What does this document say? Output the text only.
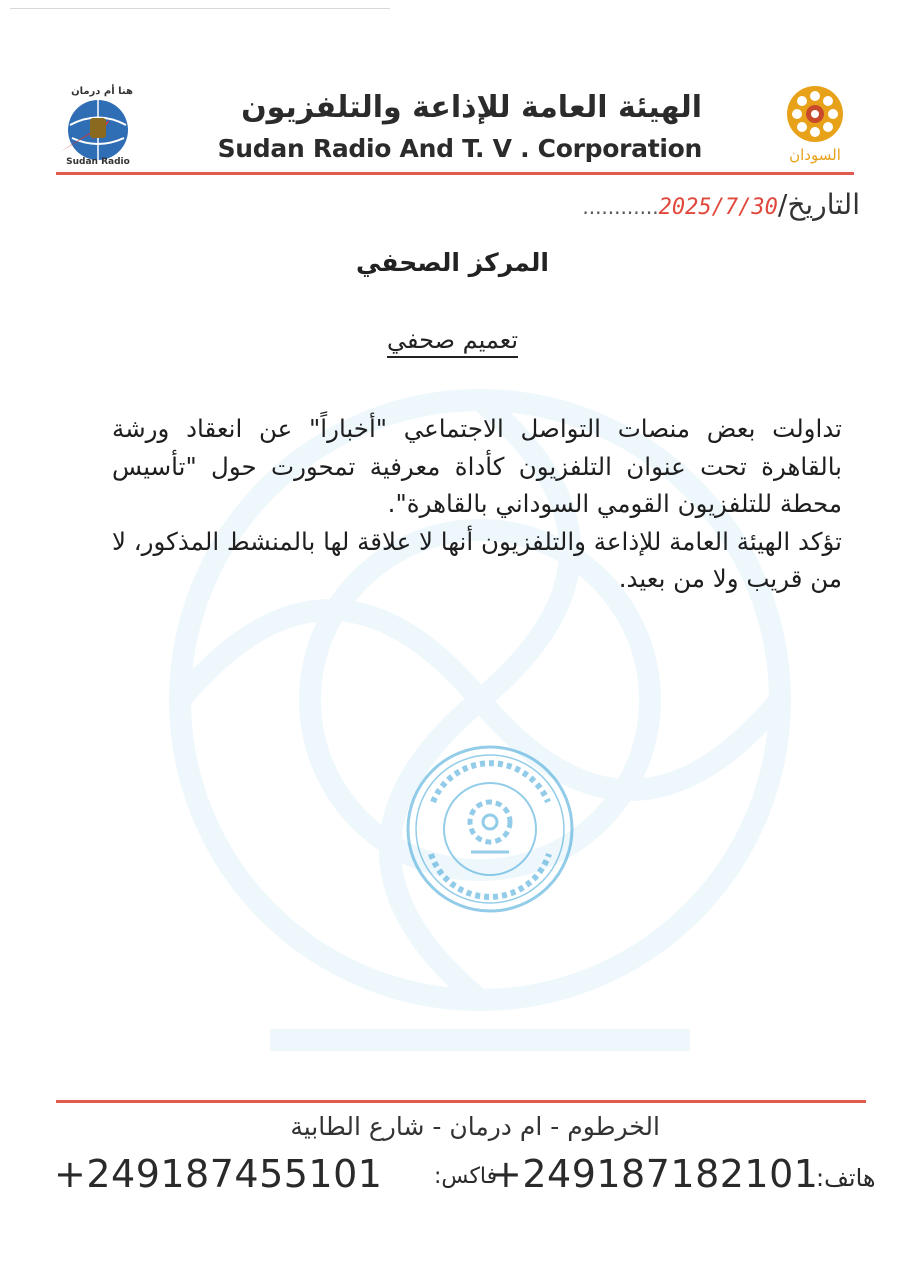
هنا أم درمان
Sudan Radio
الهيئة العامة للإذاعة والتلفزيون
Sudan Radio And T. V . Corporation	السودان
التاريخ/2025/7/30............
المركز الصحفي
تعميم صحفي

تداولت بعض منصات التواصل الاجتماعي "أخباراً" عن انعقاد ورشة بالقاهرة تحت عنوان التلفزيون كأداة معرفية تمحورت حول "تأسيس محطة للتلفزيون القومي السوداني بالقاهرة".

تؤكد الهيئة العامة للإذاعة والتلفزيون أنها لا علاقة لها بالمنشط المذكور، لا من قريب ولا من بعيد.

الخرطوم - ام درمان - شارع الطابية
+249187455101 فاكس:
+249187182101
هاتف:
